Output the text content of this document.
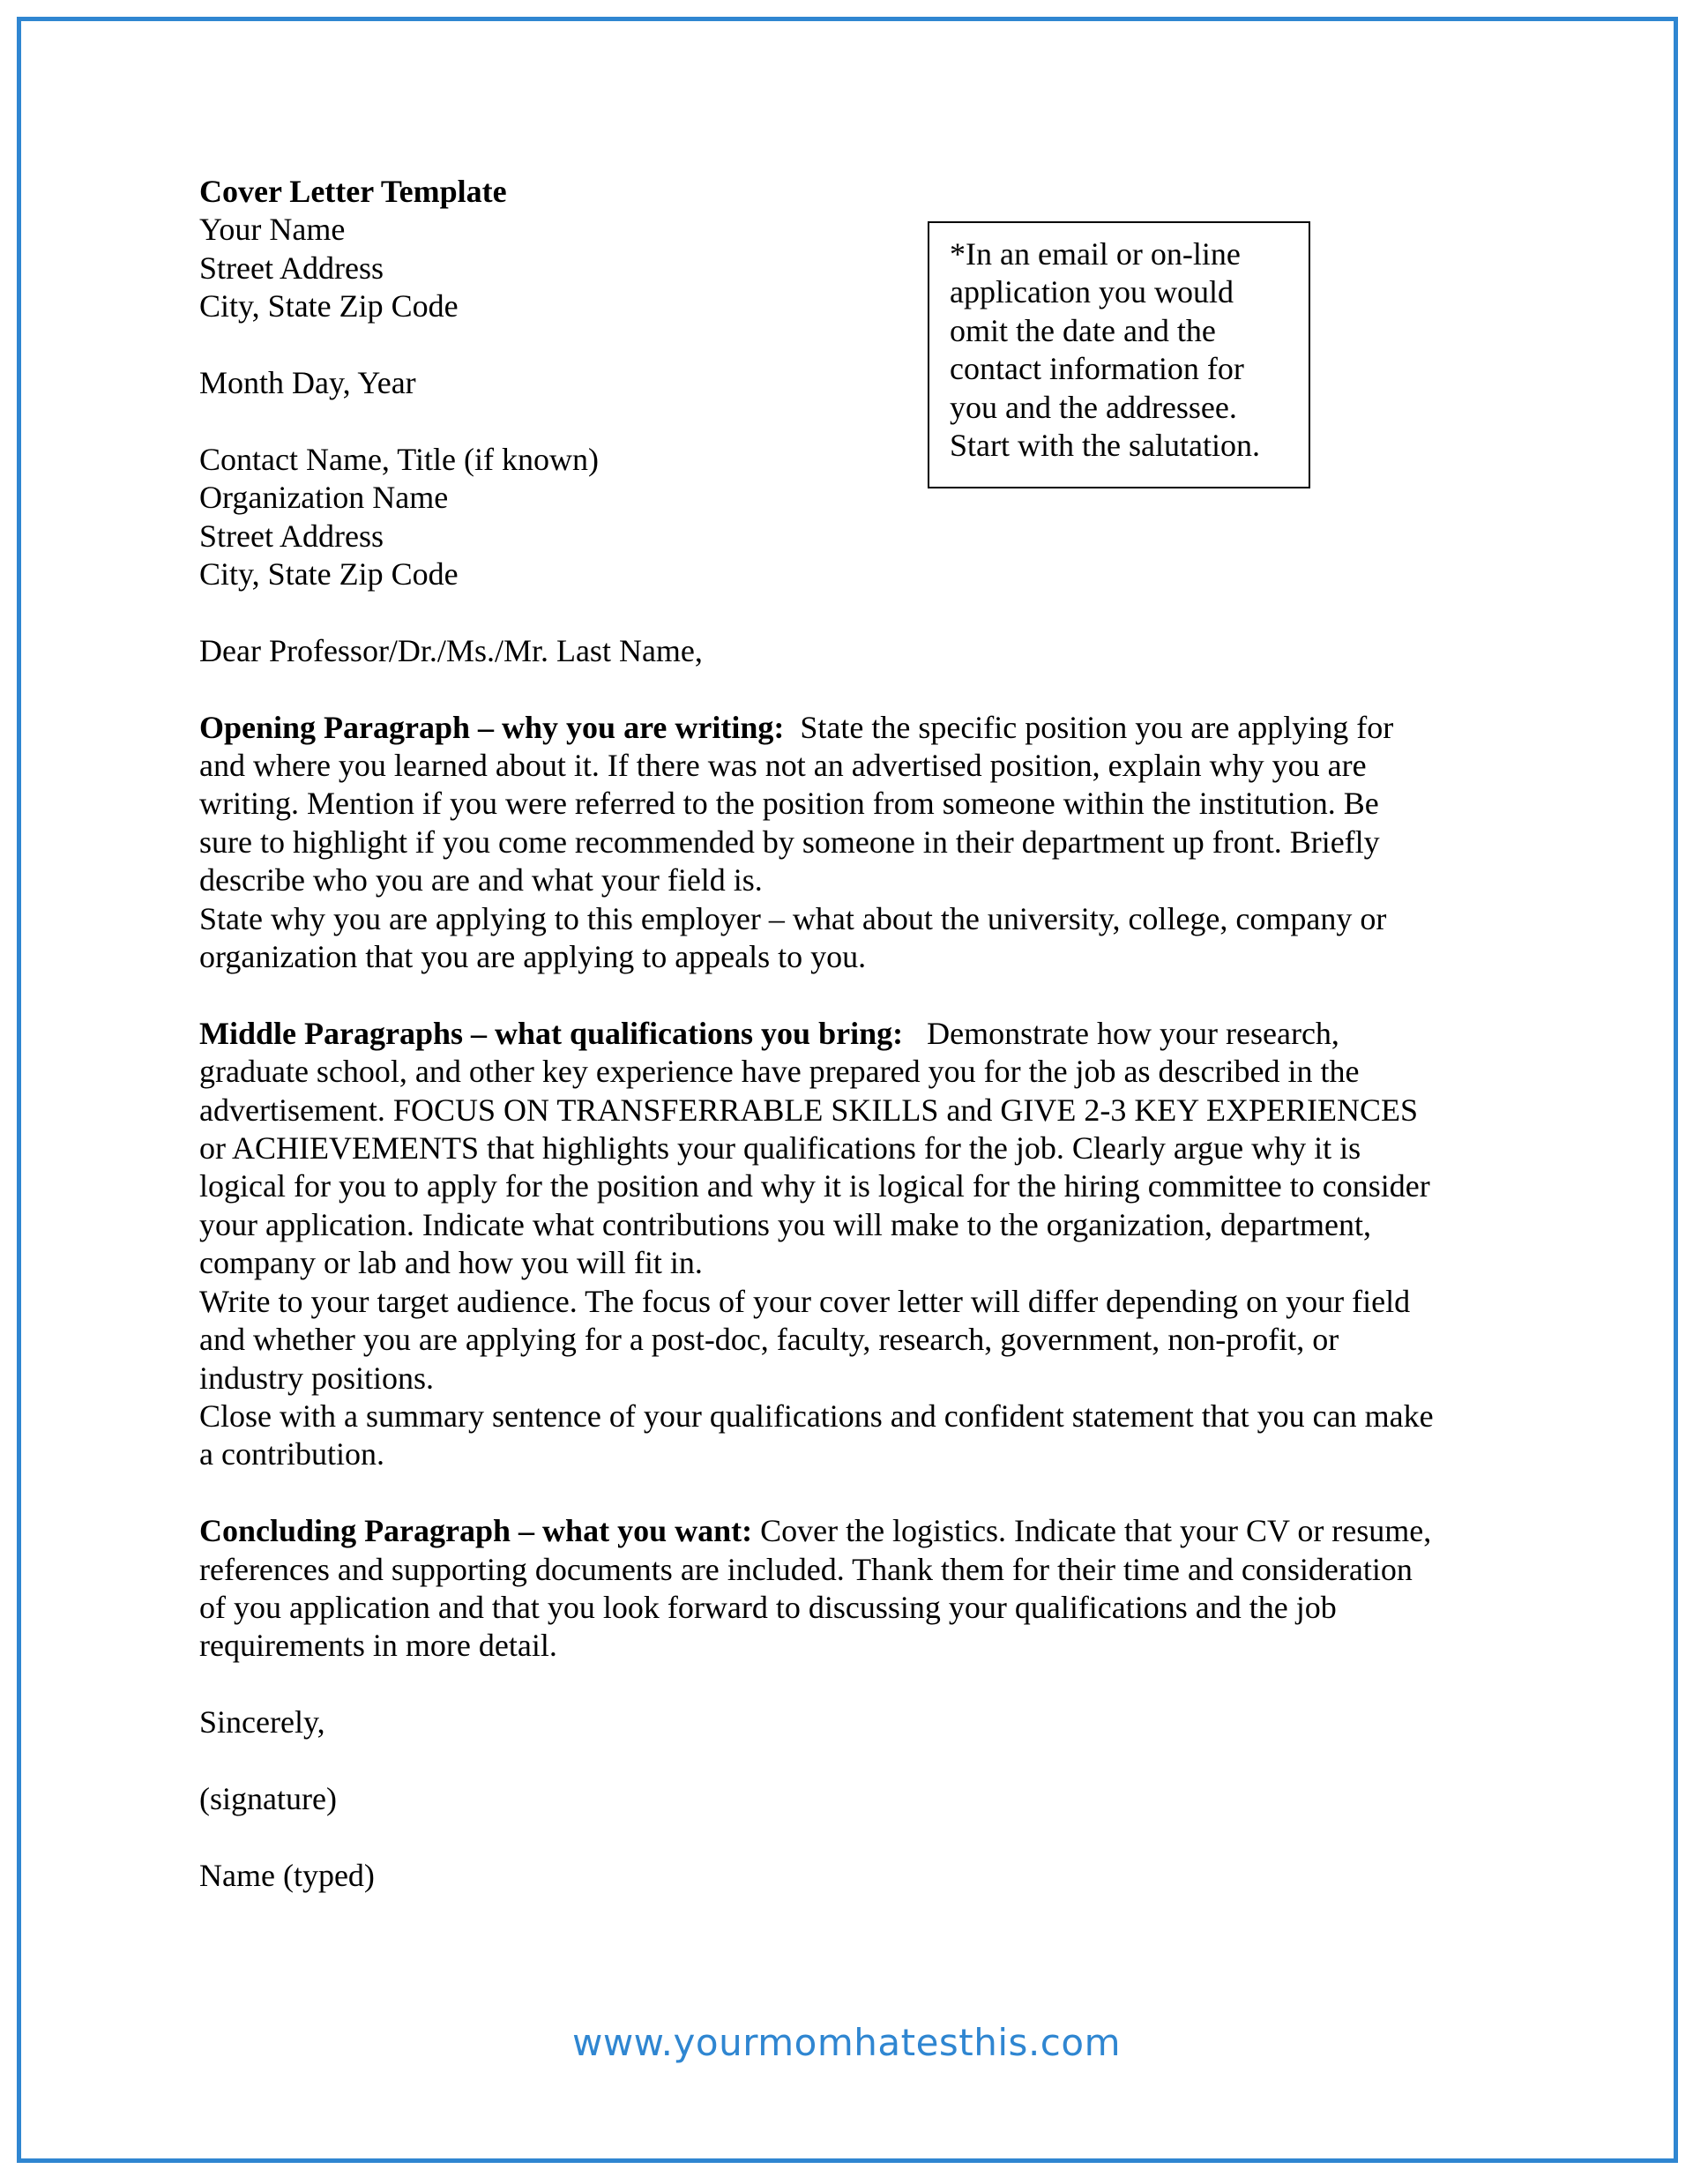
Cover Letter Template
Your Name
Street Address
City, State Zip Code
Month Day, Year
Contact Name, Title (if known)
Organization Name
Street Address
City, State Zip Code
Dear Professor/Dr./Ms./Mr. Last Name,
Opening Paragraph – why you are writing:  State the specific position you are applying for
and where you learned about it. If there was not an advertised position, explain why you are
writing. Mention if you were referred to the position from someone within the institution. Be
sure to highlight if you come recommended by someone in their department up front. Briefly
describe who you are and what your field is.
State why you are applying to this employer – what about the university, college, company or
organization that you are applying to appeals to you.
Middle Paragraphs – what qualifications you bring:   Demonstrate how your research,
graduate school, and other key experience have prepared you for the job as described in the
advertisement. FOCUS ON TRANSFERRABLE SKILLS and GIVE 2-3 KEY EXPERIENCES
or ACHIEVEMENTS that highlights your qualifications for the job. Clearly argue why it is
logical for you to apply for the position and why it is logical for the hiring committee to consider
your application. Indicate what contributions you will make to the organization, department,
company or lab and how you will fit in.
Write to your target audience. The focus of your cover letter will differ depending on your field
and whether you are applying for a post-doc, faculty, research, government, non-profit, or
industry positions.
Close with a summary sentence of your qualifications and confident statement that you can make
a contribution.
Concluding Paragraph – what you want: Cover the logistics. Indicate that your CV or resume,
references and supporting documents are included. Thank them for their time and consideration
of you application and that you look forward to discussing your qualifications and the job
requirements in more detail.
Sincerely,
(signature)
Name (typed)
*In an email or on-line
application you would
omit the date and the
contact information for
you and the addressee.
Start with the salutation.
www.yourmomhatesthis.com
